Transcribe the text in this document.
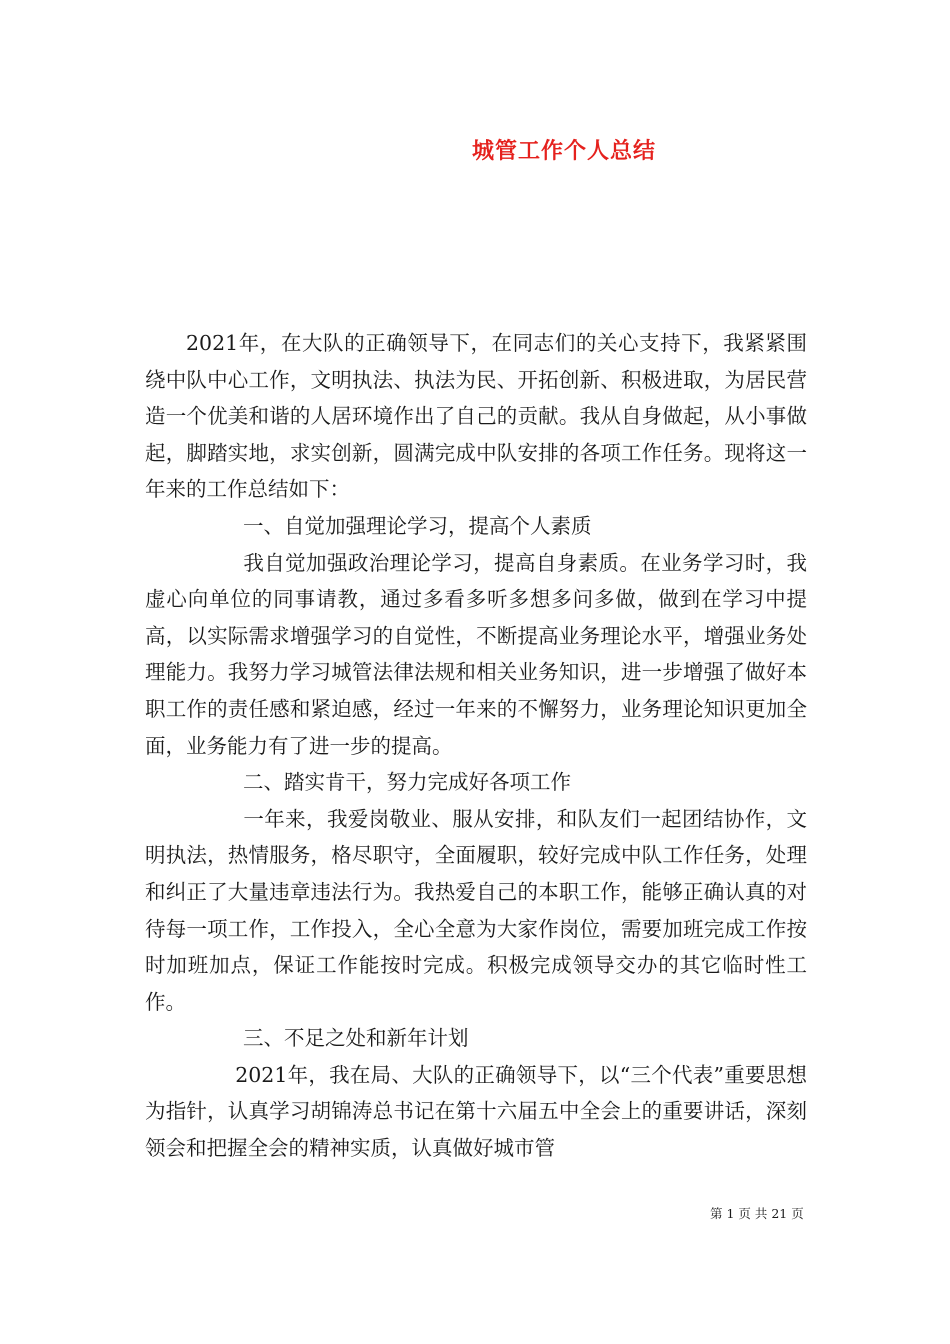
城管工作个人总结

2021年，在大队的正确领导下，在同志们的关心支持下，我紧紧围绕中队中心工作，文明执法、执法为民、开拓创新、积极进取，为居民营造一个优美和谐的人居环境作出了自己的贡献。我从自身做起，从小事做起，脚踏实地，求实创新，圆满完成中队安排的各项工作任务。现将这一年来的工作总结如下：

一、自觉加强理论学习，提高个人素质

我自觉加强政治理论学习，提高自身素质。在业务学习时，我虚心向单位的同事请教，通过多看多听多想多问多做，做到在学习中提高，以实际需求增强学习的自觉性，不断提高业务理论水平，增强业务处理能力。我努力学习城管法律法规和相关业务知识，进一步增强了做好本职工作的责任感和紧迫感，经过一年来的不懈努力，业务理论知识更加全面，业务能力有了进一步的提高。

二、踏实肯干，努力完成好各项工作

一年来，我爱岗敬业、服从安排，和队友们一起团结协作，文明执法，热情服务，格尽职守，全面履职，较好完成中队工作任务，处理和纠正了大量违章违法行为。我热爱自己的本职工作，能够正确认真的对待每一项工作，工作投入，全心全意为大家作岗位，需要加班完成工作按时加班加点，保证工作能按时完成。积极完成领导交办的其它临时性工作。

三、不足之处和新年计划

2021年，我在局、大队的正确领导下，以“三个代表”重要思想为指针，认真学习胡锦涛总书记在第十六届五中全会上的重要讲话，深刻领会和把握全会的精神实质，认真做好城市管

第 1 页 共 21 页
